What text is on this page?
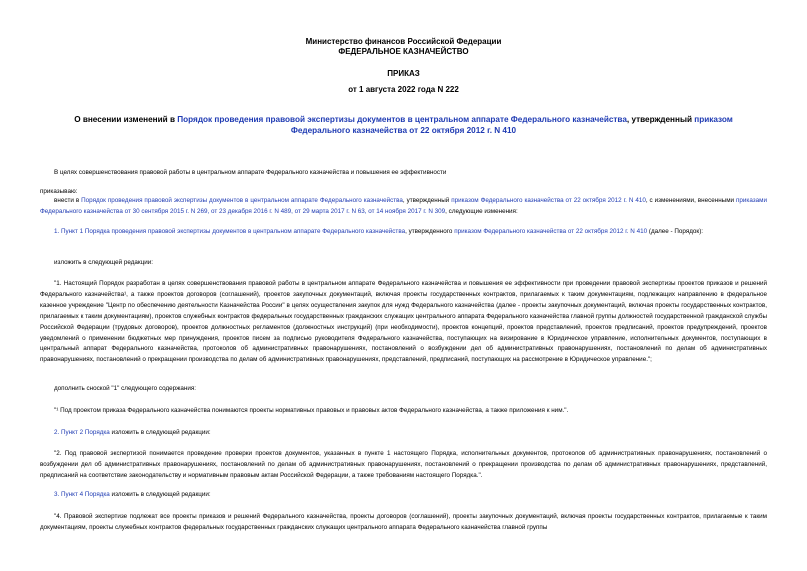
Министерство финансов Российской Федерации
ФЕДЕРАЛЬНОЕ КАЗНАЧЕЙСТВО
ПРИКАЗ
от 1 августа 2022 года N 222
О внесении изменений в Порядок проведения правовой экспертизы документов в центральном аппарате Федерального казначейства, утвержденный приказом
Федерального казначейства от 22 октября 2012 г. N 410
В целях совершенствования правовой работы в центральном аппарате Федерального казначейства и повышения ее эффективности
приказываю:
внести в Порядок проведения правовой экспертизы документов в центральном аппарате Федерального казначейства, утвержденный приказом Федерального казначейства от 22 октября 2012 г. N 410, с изменениями, внесенными приказами Федерального казначейства от 30 сентября 2015 г. N 269, от 23 декабря 2016 г. N 489, от 29 марта 2017 г. N 63, от 14 ноября 2017 г. N 309, следующие изменения:
1. Пункт 1 Порядка проведения правовой экспертизы документов в центральном аппарате Федерального казначейства, утвержденного приказом Федерального казначейства от 22 октября 2012 г. N 410 (далее - Порядок):
изложить в следующей редакции:
"1. Настоящий Порядок разработан в целях совершенствования правовой работы в центральном аппарате Федерального казначейства и повышения ее эффективности при проведении правовой экспертизы проектов приказов и решений Федерального казначейства¹, а также проектов договоров (соглашений), проектов закупочных документаций, включая проекты государственных контрактов, прилагаемых к таким документациям, подлежащих направлению в федеральное казенное учреждение "Центр по обеспечению деятельности Казначейства России" в целях осуществления закупок для нужд Федерального казначейства (далее - проекты закупочных документаций, включая проекты государственных контрактов, прилагаемых к таким документациям), проектов служебных контрактов федеральных государственных гражданских служащих центрального аппарата Федерального казначейства главной группы должностей государственной гражданской службы Российской Федерации (трудовых договоров), проектов должностных регламентов (должностных инструкций) (при необходимости), проектов концепций, проектов представлений, проектов предписаний, проектов предупреждений, проектов уведомлений о применении бюджетных мер принуждения, проектов писем за подписью руководителя Федерального казначейства, поступающих на визирование в Юридическое управление, исполнительных документов, поступающих в центральный аппарат Федерального казначейства, протоколов об административных правонарушениях, постановлений о возбуждении дел об административных правонарушениях, постановлений по делам об административных правонарушениях, постановлений о прекращении производства по делам об административных правонарушениях, представлений, предписаний, поступающих на рассмотрение в Юридическое управление.";
дополнить сноской "1" следующего содержания:
"¹ Под проектом приказа Федерального казначейства понимаются проекты нормативных правовых и правовых актов Федерального казначейства, а также приложения к ним.".
2. Пункт 2 Порядка изложить в следующей редакции:
"2. Под правовой экспертизой понимается проведение проверки проектов документов, указанных в пункте 1 настоящего Порядка, исполнительных документов, протоколов об административных правонарушениях, постановлений о возбуждении дел об административных правонарушениях, постановлений по делам об административных правонарушениях, постановлений о прекращении производства по делам об административных правонарушениях, представлений, предписаний на соответствие законодательству и нормативным правовым актам Российской Федерации, а также требованиям настоящего Порядка.".
3. Пункт 4 Порядка изложить в следующей редакции:
"4. Правовой экспертизе подлежат все проекты приказов и решений Федерального казначейства, проекты договоров (соглашений), проекты закупочных документаций, включая проекты государственных контрактов, прилагаемые к таким документациям, проекты служебных контрактов федеральных государственных гражданских служащих центрального аппарата Федерального казначейства главной группы
